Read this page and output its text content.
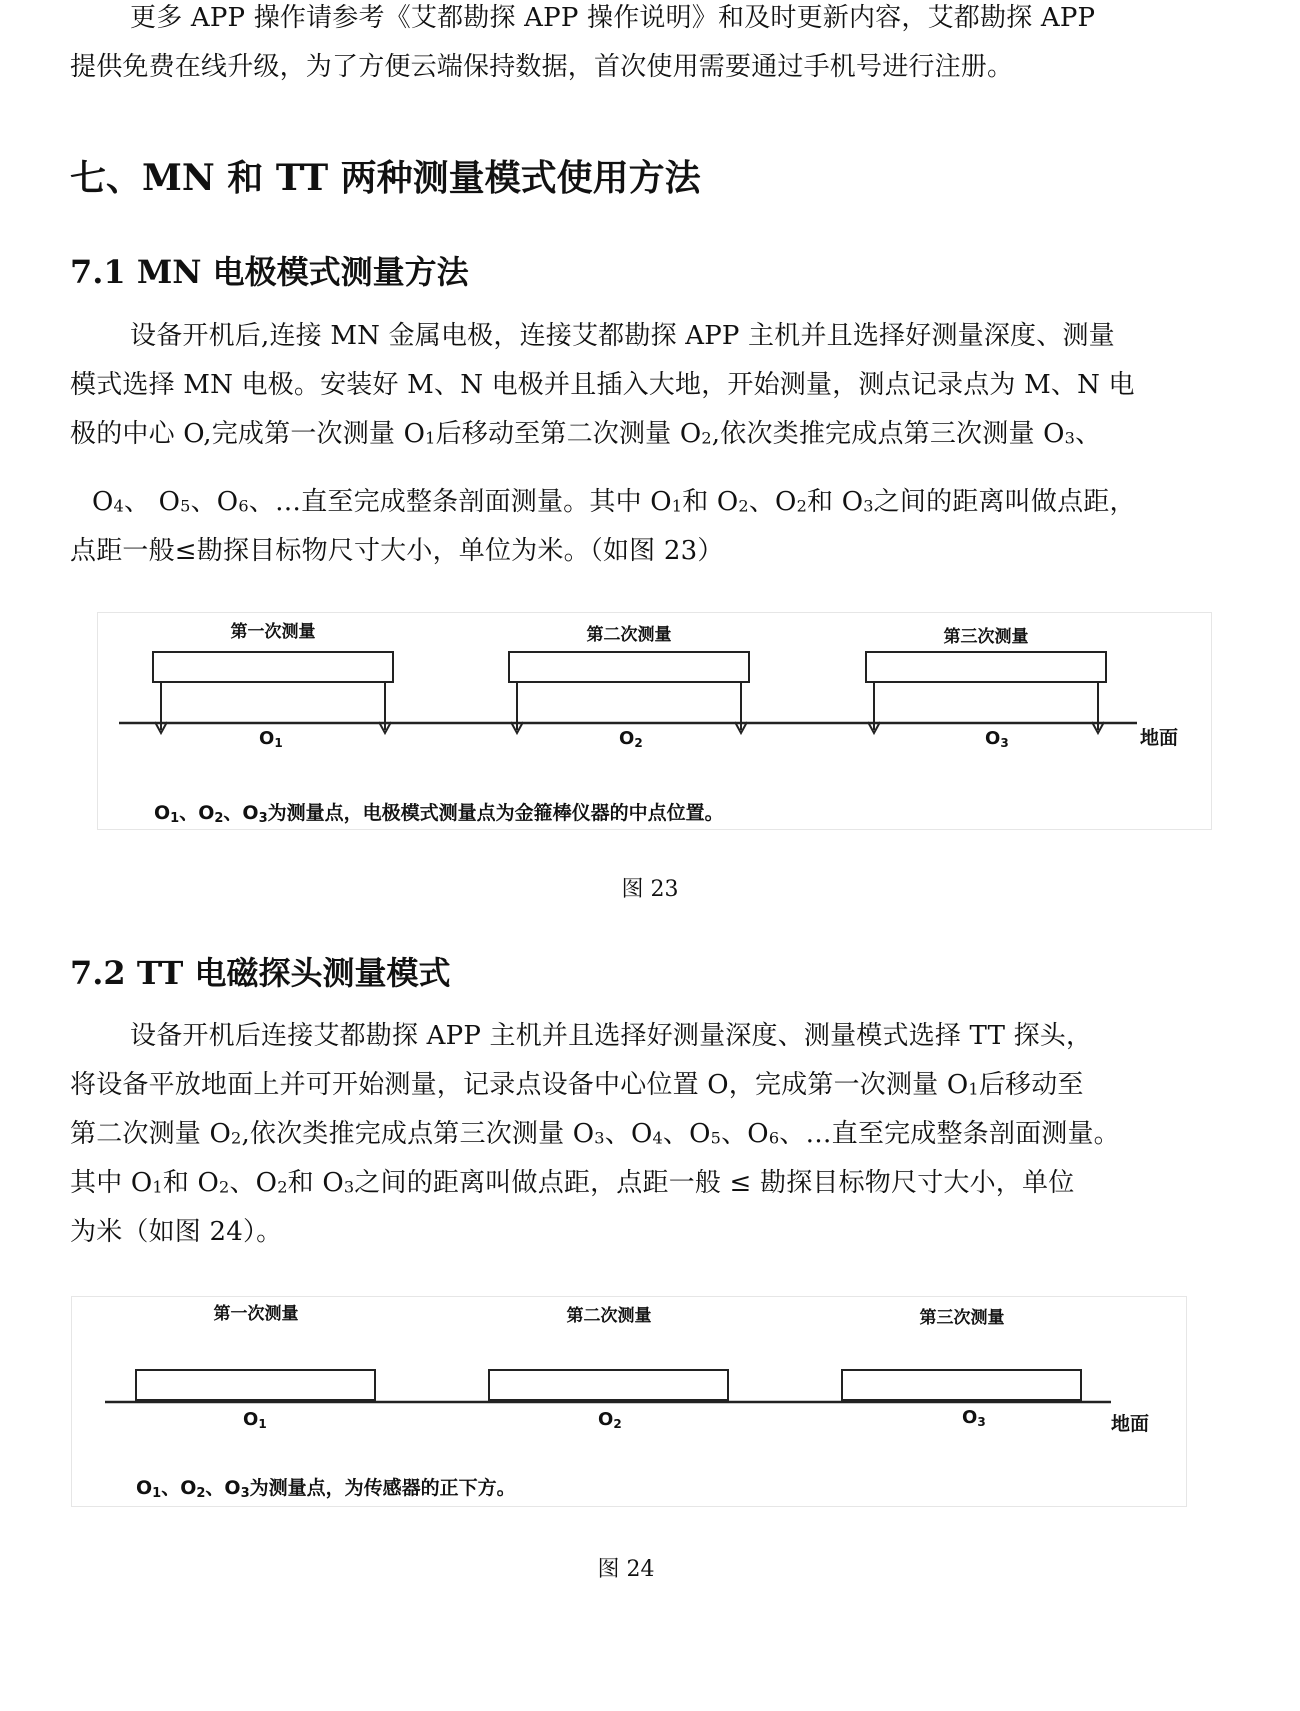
更多 APP 操作请参考《艾都勘探 APP 操作说明》和及时更新内容，艾都勘探 APP
提供免费在线升级，为了方便云端保持数据，首次使用需要通过手机号进行注册。
七、MN 和 TT 两种测量模式使用方法
7.1 MN 电极模式测量方法
设备开机后,连接 MN 金属电极，连接艾都勘探 APP 主机并且选择好测量深度、测量
模式选择 MN 电极。安装好 M、N 电极并且插入大地，开始测量，测点记录点为 M、N 电
极的中心 O,完成第一次测量 O1后移动至第二次测量 O2,依次类推完成点第三次测量 O3、
O4、 O5、O6、…直至完成整条剖面测量。其中 O1和 O2、O2和 O3之间的距离叫做点距，
点距一般≤勘探目标物尺寸大小，单位为米。（如图 23）
第一次测量	第二次测量	第三次测量
O1	O2	O3	地面
O1、O2、O3为测量点，电极模式测量点为金箍棒仪器的中点位置。
图 23
7.2 TT 电磁探头测量模式
设备开机后连接艾都勘探 APP 主机并且选择好测量深度、测量模式选择 TT 探头，
将设备平放地面上并可开始测量，记录点设备中心位置 O，完成第一次测量 O1后移动至
第二次测量 O2,依次类推完成点第三次测量 O3、O4、O5、O6、…直至完成整条剖面测量。
其中 O1和 O2、O2和 O3之间的距离叫做点距，点距一般 ≤ 勘探目标物尺寸大小，单位
为米（如图 24）。
第一次测量	第二次测量	第三次测量
O1	O2	O3	地面
O1、O2、O3为测量点，为传感器的正下方。
图 24
